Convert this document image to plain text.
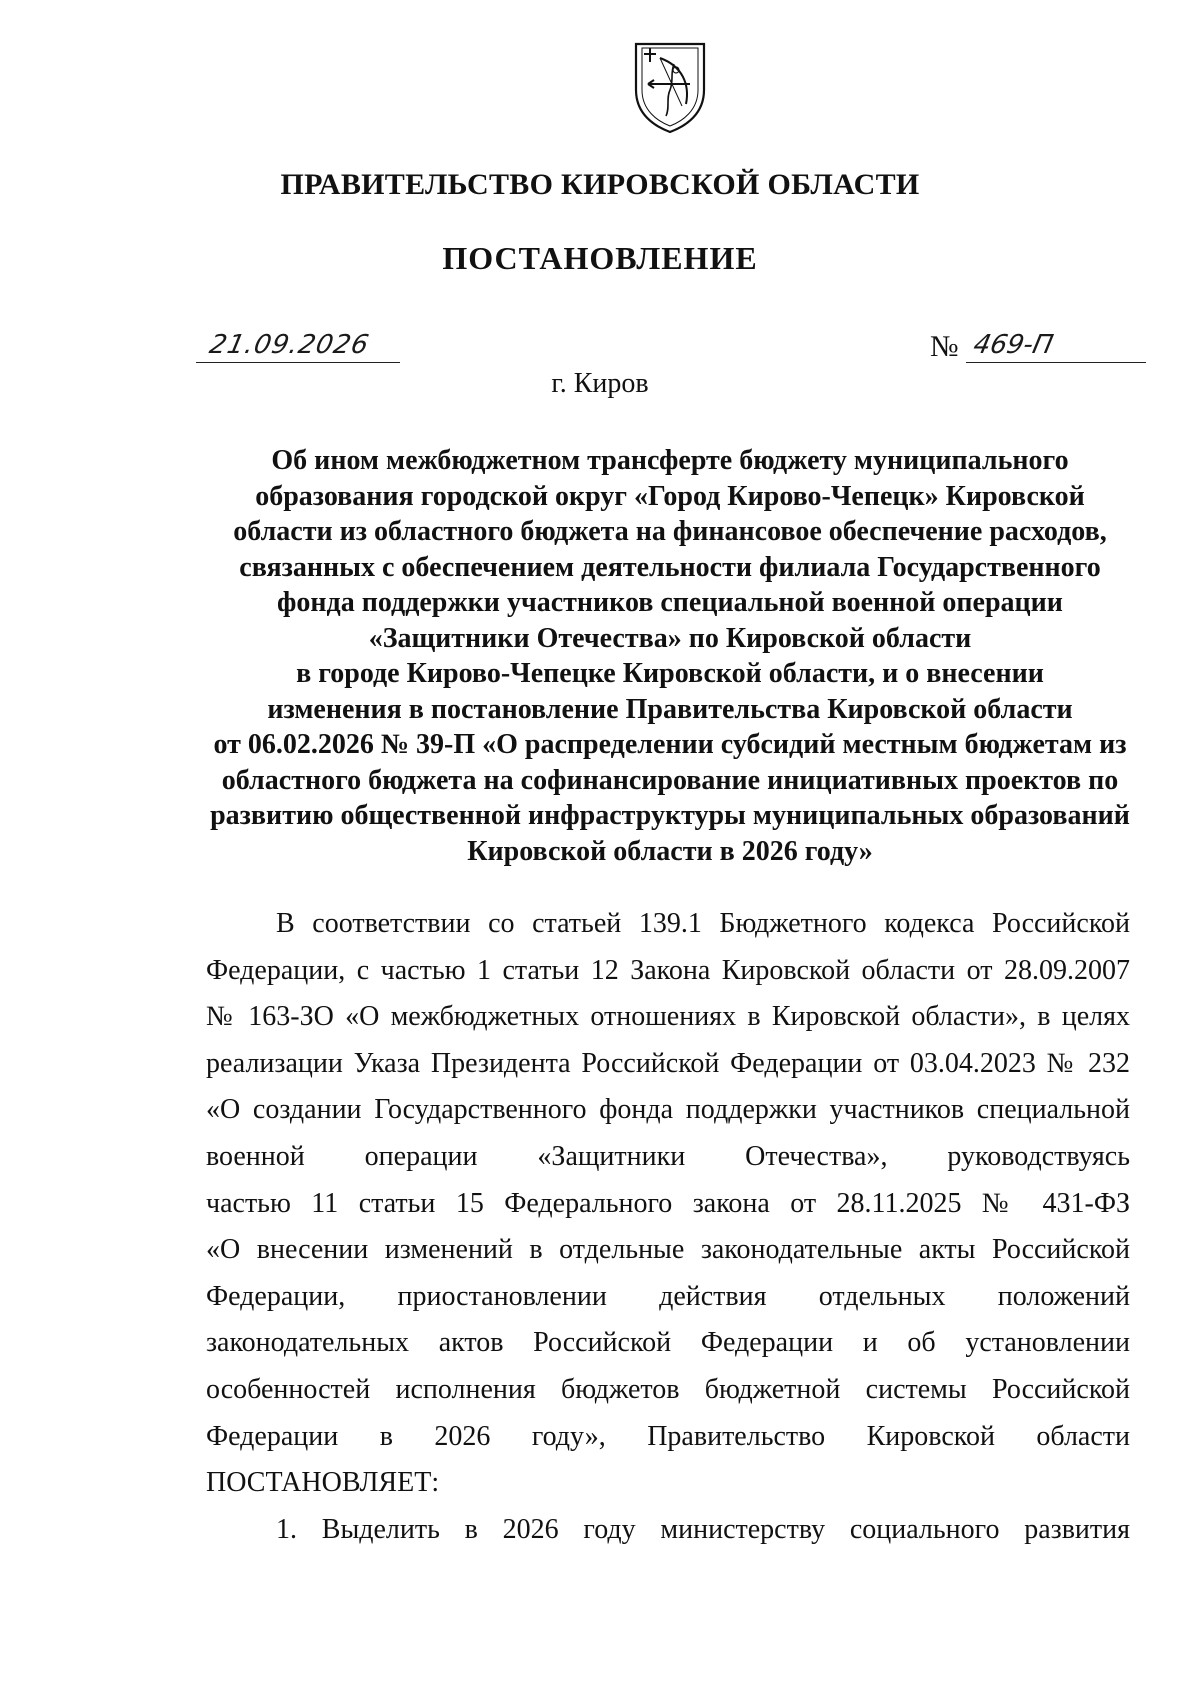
ПРАВИТЕЛЬСТВО КИРОВСКОЙ ОБЛАСТИ
ПОСТАНОВЛЕНИЕ
21.09.2026	№ 469-П
г. Киров
Об ином межбюджетном трансферте бюджету муниципального
образования городской округ «Город Кирово-Чепецк» Кировской
области из областного бюджета на финансовое обеспечение расходов,
связанных с обеспечением деятельности филиала Государственного
фонда поддержки участников специальной военной операции
«Защитники Отечества» по Кировской области
в городе Кирово-Чепецке Кировской области, и о внесении
изменения в постановление Правительства Кировской области
от 06.02.2026 № 39-П «О распределении субсидий местным бюджетам из
областного бюджета на софинансирование инициативных проектов по
развитию общественной инфраструктуры муниципальных образований
Кировской области в 2026 году»

В соответствии со статьей 139.1 Бюджетного кодекса Российской

Федерации, с частью 1 статьи 12 Закона Кировской области от 28.09.2007

№ 163-ЗО «О межбюджетных отношениях в Кировской области», в целях

реализации Указа Президента Российской Федерации от 03.04.2023 № 232

«О создании Государственного фонда поддержки участников специальной

военной операции «Защитники Отечества», руководствуясь

частью 11 статьи 15 Федерального закона от 28.11.2025 № 431-ФЗ

«О внесении изменений в отдельные законодательные акты Российской

Федерации, приостановлении действия отдельных положений

законодательных актов Российской Федерации и об установлении

особенностей исполнения бюджетов бюджетной системы Российской

Федерации в 2026 году», Правительство Кировской области

ПОСТАНОВЛЯЕТ:

1. Выделить в 2026 году министерству социального развития
